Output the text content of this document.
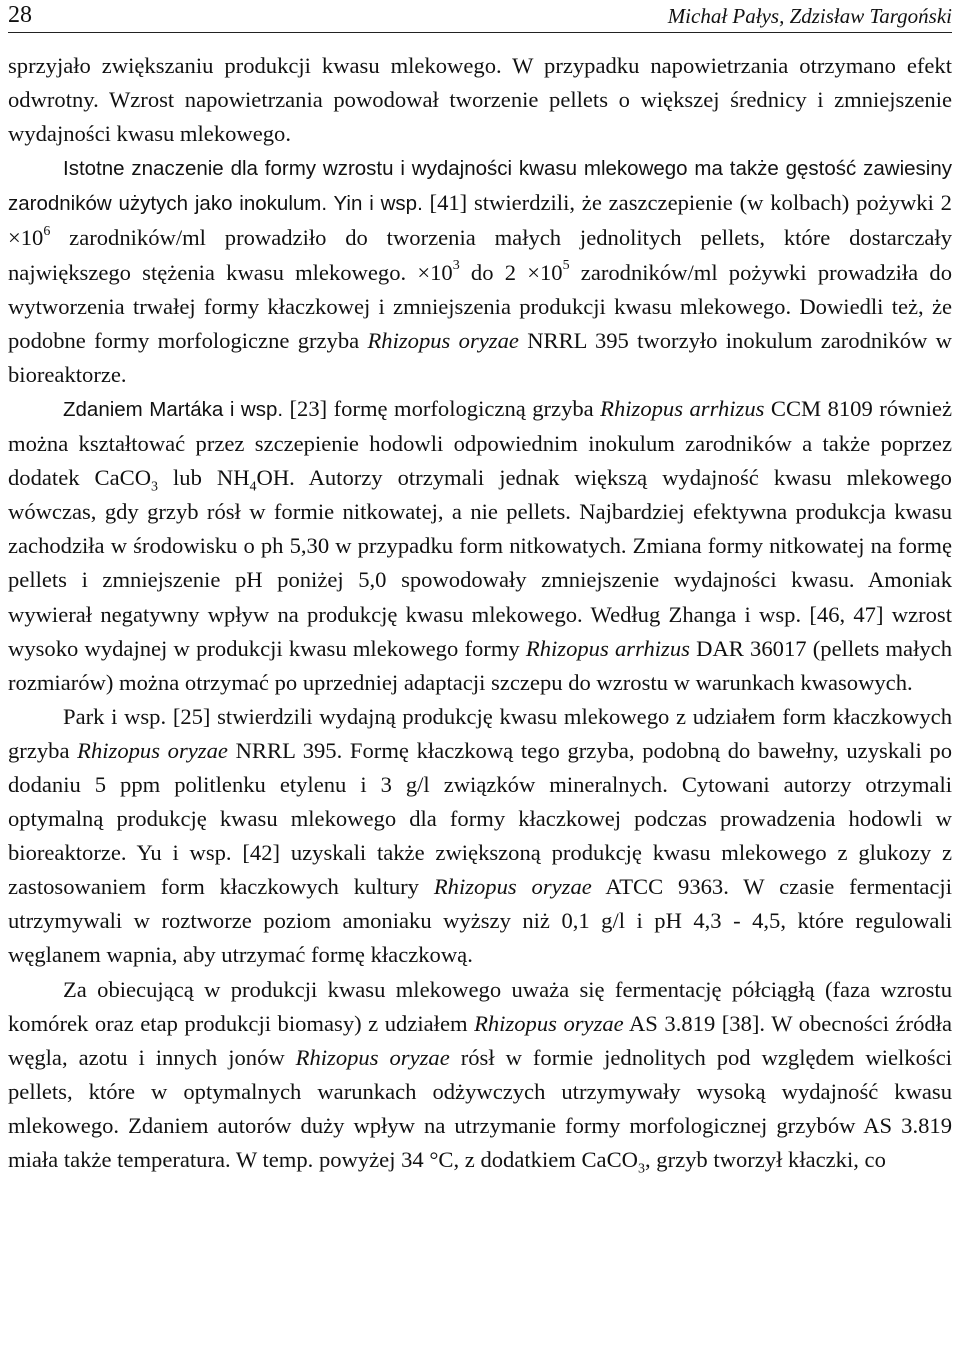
28	Michał Pałys, Zdzisław Targoński

sprzyjało zwiększaniu produkcji kwasu mlekowego. W przypadku napowietrzania otrzymano efekt odwrotny. Wzrost napowietrzania powodował tworzenie pellets o większej średnicy i zmniejszenie wydajności kwasu mlekowego.

Istotne znaczenie dla formy wzrostu i wydajności kwasu mlekowego ma także gęstość zawiesiny zarodników użytych jako inokulum. Yin i wsp. [41] stwierdzili, że zaszczepienie (w kolbach) pożywki $2 \times 10^6$ zarodników/ml prowadziło do tworzenia małych jednolitych pellets, które dostarczały największego stężenia kwasu mlekowego. $\times 10^3$ do $2 \times 10^5$ zarodników/ml pożywki prowadziła do wytworzenia trwałej formy kłaczkowej i zmniejszenia produkcji kwasu mlekowego. Dowiedli też, że podobne formy morfologiczne grzyba Rhizopus oryzae NRRL 395 tworzyło inokulum zarodników w bioreaktorze.

Zdaniem Martáka i wsp. [23] formę morfologiczną grzyba Rhizopus arrhizus CCM 8109 również można kształtować przez szczepienie hodowli odpowiednim inokulum zarodników a także poprzez dodatek CaCO$_3$ lub $NH_4OH$. Autorzy otrzymali jednak większą wydajność kwasu mlekowego wówczas, gdy grzyb rósł w formie nitkowatej, a nie pellets. Najbardziej efektywna produkcja kwasu zachodziła w środowisku o ph 5,30 w przypadku form nitkowatych. Zmiana formy nitkowatej na formę pellets i zmniejszenie pH poniżej 5,0 spowodowały zmniejszenie wydajności kwasu. Amoniak wywierał negatywny wpływ na produkcję kwasu mlekowego. Według Zhanga i wsp. [46, 47] wzrost wysoko wydajnej w produkcji kwasu mlekowego formy Rhizopus arrhizus DAR 36017 (pellets małych rozmiarów) można otrzymać po uprzedniej adaptacji szczepu do wzrostu w warunkach kwasowych.

Park i wsp. [25] stwierdzili wydajną produkcję kwasu mlekowego z udziałem form kłaczkowych grzyba Rhizopus oryzae NRRL 395. Formę kłaczkową tego grzyba, podobną do bawełny, uzyskali po dodaniu 5 ppm politlenku etylenu i 3 g/l związków mineralnych. Cytowani autorzy otrzymali optymalną produkcję kwasu mlekowego dla formy kłaczkowej podczas prowadzenia hodowli w bioreaktorze. Yu i wsp. [42] uzyskali także zwiększoną produkcję kwasu mlekowego z glukozy z zastosowaniem form kłaczkowych kultury Rhizopus oryzae ATCC 9363. W czasie fermentacji utrzymywali w roztworze poziom amoniaku wyższy niż 0,1 g/l i pH 4,3 - 4,5, które regulowali węglanem wapnia, aby utrzymać formę kłaczkową.

Za obiecującą w produkcji kwasu mlekowego uważa się fermentację półciągłą (faza wzrostu komórek oraz etap produkcji biomasy) z udziałem Rhizopus oryzae AS 3.819 [38]. W obecności źródła węgla, azotu i innych jonów Rhizopus oryzae rósł w formie jednolitych pod względem wielkości pellets, które w optymalnych warunkach odżywczych utrzymywały wysoką wydajność kwasu mlekowego. Zdaniem autorów duży wpływ na utrzymanie formy morfologicznej grzybów AS 3.819 miała także temperatura. W temp. powyżej 34 °C, z dodatkiem CaCO$_3$, grzyb tworzył kłaczki, co
